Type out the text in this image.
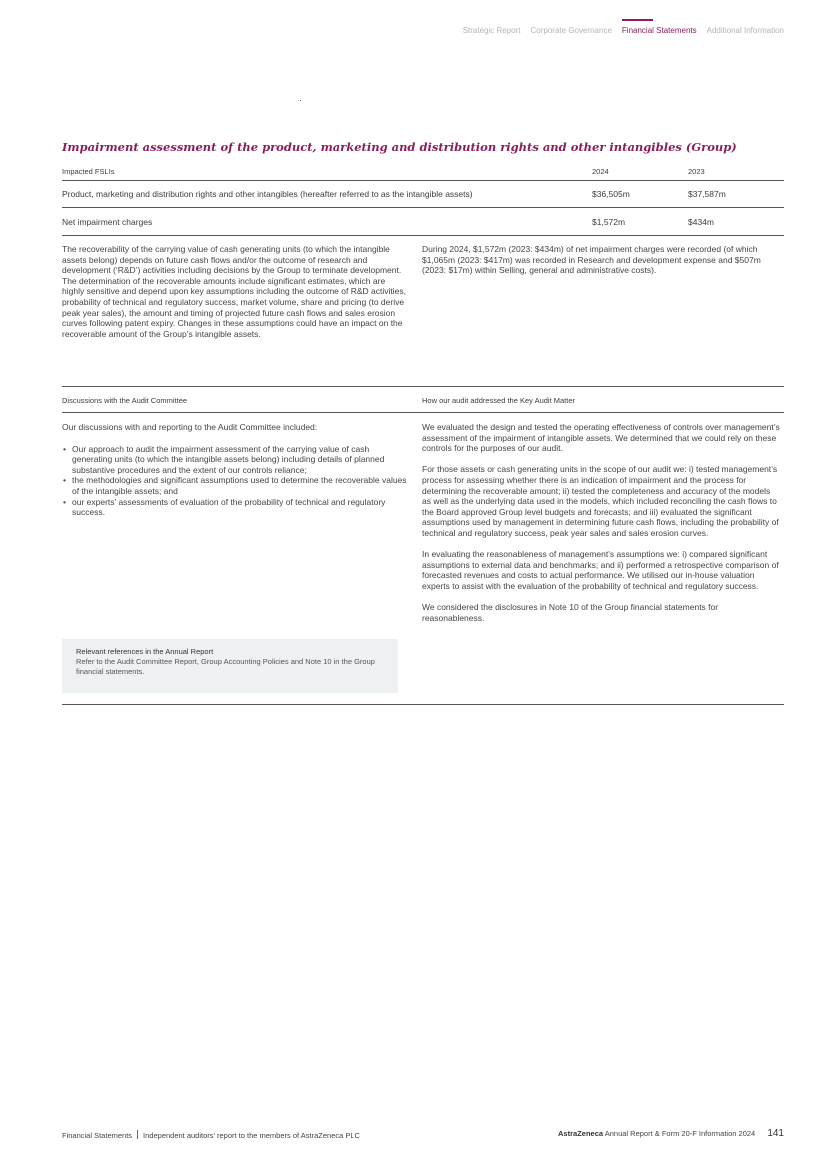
Strategic Report Corporate Governance Financial Statements Additional Information
Impairment assessment of the product, marketing and distribution rights and other intangibles (Group)
Impacted FSLIs	2024	2023
Product, marketing and distribution rights and other intangibles (hereafter referred to as the intangible assets)	$36,505m	$37,587m
Net impairment charges	$1,572m	$434m

The recoverability of the carrying value of cash generating units (to which the intangible assets belong) depends on future cash flows and/or the outcome of research and development (‘R&D’) activities including decisions by the Group to terminate development. The determination of the recoverable amounts include significant estimates, which are highly sensitive and depend upon key assumptions including the outcome of R&D activities, probability of technical and regulatory success, market volume, share and pricing (to derive peak year sales), the amount and timing of projected future cash flows and sales erosion curves following patent expiry. Changes in these assumptions could have an impact on the recoverable amount of the Group’s intangible assets.

During 2024, $1,572m (2023: $434m) of net impairment charges were recorded (of which $1,065m (2023: $417m) was recorded in Research and development expense and $507m (2023: $17m) within Selling, general and administrative costs).

Discussions with the Audit Committee	How our audit addressed the Key Audit Matter

Our discussions with and reporting to the Audit Committee included:

• Our approach to audit the impairment assessment of the carrying value of cash generating units (to which the intangible assets belong) including details of planned substantive procedures and the extent of our controls reliance;
• the methodologies and significant assumptions used to determine the recoverable values of the intangible assets; and
• our experts’ assessments of evaluation of the probability of technical and regulatory success.

We evaluated the design and tested the operating effectiveness of controls over management’s assessment of the impairment of intangible assets. We determined that we could rely on these controls for the purposes of our audit.

For those assets or cash generating units in the scope of our audit we: i) tested management’s process for assessing whether there is an indication of impairment and the process for determining the recoverable amount; ii) tested the completeness and accuracy of the models as well as the underlying data used in the models, which included reconciling the cash flows to the Board approved Group level budgets and forecasts; and iii) evaluated the significant assumptions used by management in determining future cash flows, including the probability of technical and regulatory success, peak year sales and sales erosion curves.

In evaluating the reasonableness of management’s assumptions we: i) compared significant assumptions to external data and benchmarks; and ii) performed a retrospective comparison of forecasted revenues and costs to actual performance. We utilised our in-house valuation experts to assist with the evaluation of the probability of technical and regulatory success.

We considered the disclosures in Note 10 of the Group financial statements for reasonableness.

Relevant references in the Annual Report
Refer to the Audit Committee Report, Group Accounting Policies and Note 10 in the Group financial statements.
Financial Statements Independent auditors’ report to the members of AstraZeneca PLC	AstraZeneca Annual Report & Form 20-F Information 2024 141
